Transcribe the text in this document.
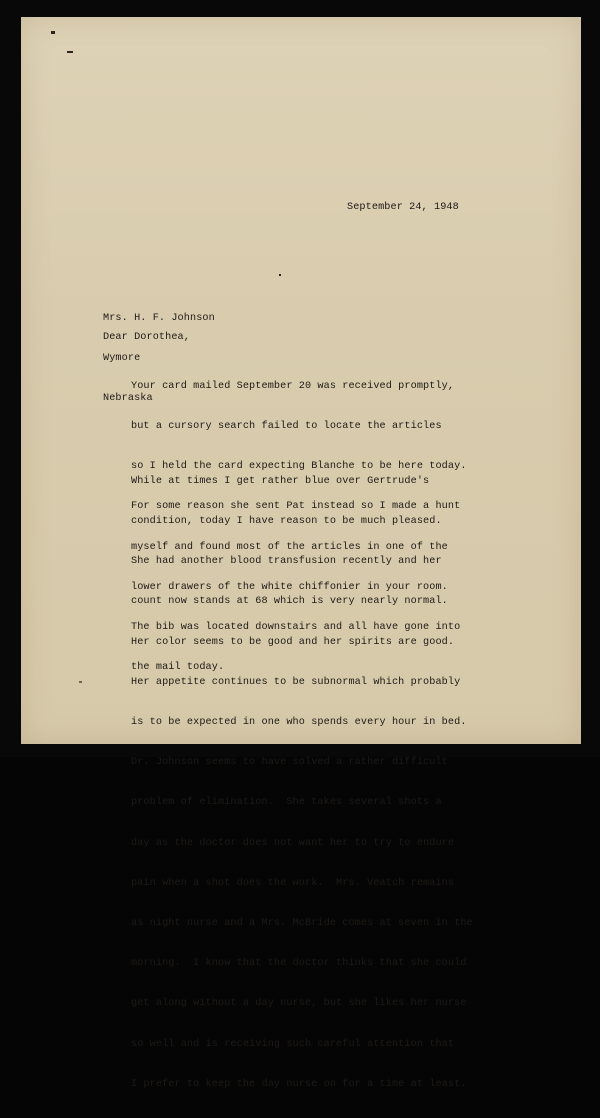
September 24, 1948

Mrs. H. F. Johnson

Wymore

Nebraska

Dear Dorothea,

Your card mailed September 20 was received promptly,

but a cursory search failed to locate the articles

so I held the card expecting Blanche to be here today.

For some reason she sent Pat instead so I made a hunt

myself and found most of the articles in one of the

lower drawers of the white chiffonier in your room.

The bib was located downstairs and all have gone into

the mail today.

While at times I get rather blue over Gertrude's

condition, today I have reason to be much pleased.

She had another blood transfusion recently and her

count now stands at 68 which is very nearly normal.

Her color seems to be good and her spirits are good.

Her appetite continues to be subnormal which probably

is to be expected in one who spends every hour in bed.

Dr. Johnson seems to have solved a rather difficult

problem of elimination.  She takes several shots a

day as the doctor does not want her to try to endure

pain when a shot does the work.  Mrs. Veatch remains

as night nurse and a Mrs. McBride comes at seven in the

morning.  I know that the doctor thinks that she could

get along without a day nurse, but she likes her nurse

so well and is receiving such careful attention that

I prefer to keep the day nurse on for a time at least.
